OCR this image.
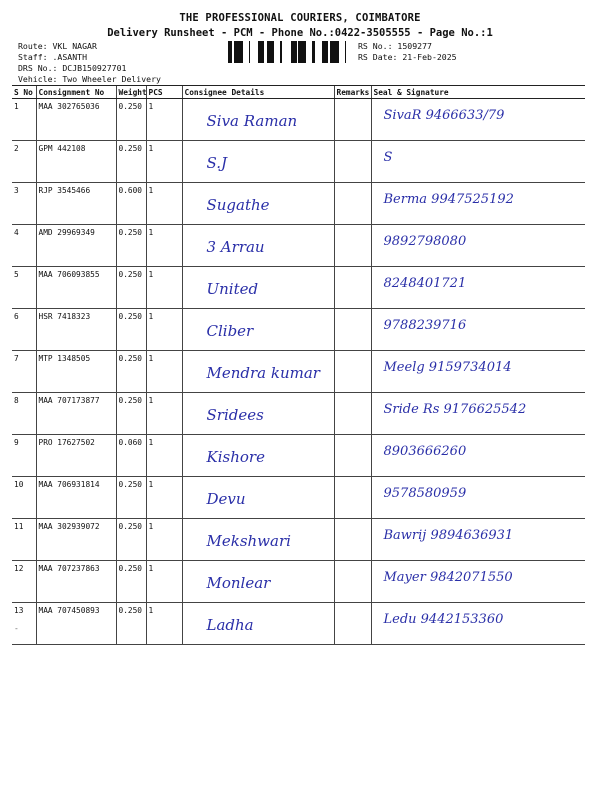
THE PROFESSIONAL COURIERS, COIMBATORE
Delivery Runsheet - PCM - Phone No.:0422-3505555 - Page No.:1
Route: VKL NAGAR
Staff: .ASANTH
DRS No.: DCJB150927701
Vehicle: Two Wheeler Delivery
RS No.: 1509277
RS Date: 21-Feb-2025
S No	Consignment No	Weight	PCS	Consignee Details	Remarks	Seal & Signature
1	MAA 302765036	0.250	1	Siva Raman		SivaR 9466633/79

2	GPM 442108	0.250	1	S.J		S

3	RJP 3545466	0.600	1	Sugathe		Berma 9947525192

4	AMD 29969349	0.250	1	3 Arrau		9892798080

5	MAA 706093855	0.250	1	United		8248401721

6	HSR 7418323	0.250	1	Cliber		9788239716

7	MTP 1348505	0.250	1	Mendra kumar		Meelg 9159734014

8	MAA 707173877	0.250	1	Sridees		Sride Rs 9176625542

9	PRO 17627502	0.060	1	Kishore		8903666260

10	MAA 706931814	0.250	1	Devu		9578580959

11	MAA 302939072	0.250	1	Mekshwari		Bawrij 9894636931

12	MAA 707237863	0.250	1	Monlear		Mayer 9842071550

13	MAA 707450893	0.250	1	Ladha		Ledu 9442153360
-
